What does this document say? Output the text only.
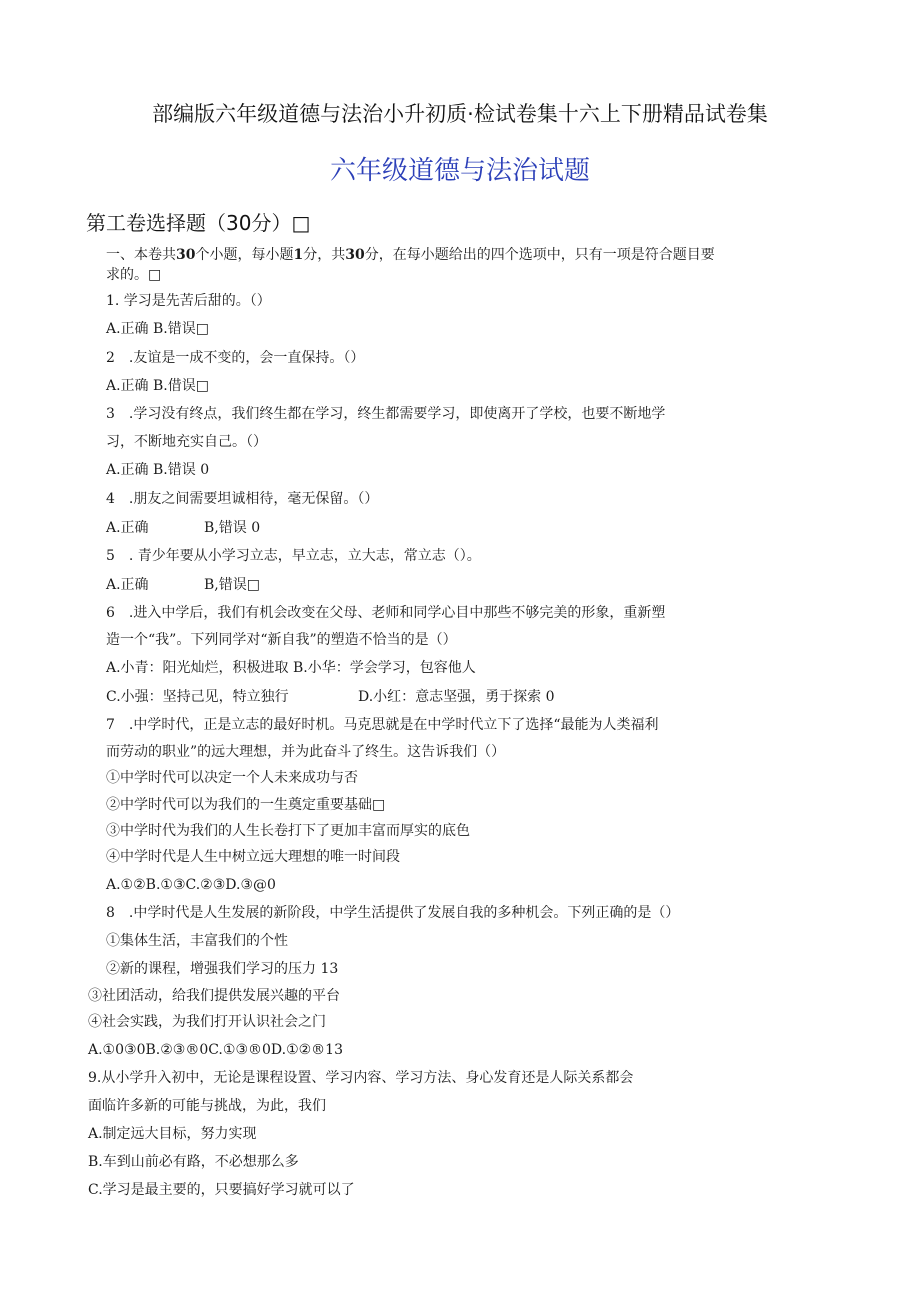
部编版六年级道德与法治小升初质·检试卷集十六上下册精品试卷集
六年级道德与法治试题
第工卷选择题（30分）□
一、本卷共30个小题，每小题1分，共30分，在每小题给出的四个选项中，只有一项是符合题目要
求的。□
1. 学习是先苦后甜的。（）
A.正确 B.错误□
2　.友谊是一成不变的，会一直保持。（）
A.正确 B.借误□
3　.学习没有终点，我们终生都在学习，终生都需要学习，即使离开了学校，也要不断地学
习，不断地充实自己。（）
A.正确 B.错误 0
4　.朋友之间需要坦诚相待，毫无保留。（）
A.正确	B,错误 0
5　. 青少年要从小学习立志，早立志，立大志，常立志（）。
A.正确	B,错误□
6　.进入中学后，我们有机会改变在父母、老师和同学心目中那些不够完美的形象，重新塑
造一个“我”。下列同学对“新自我”的塑造不恰当的是（）
A.小青：阳光灿烂，积极进取 B.小华：学会学习，包容他人
C.小强：坚持己见，特立独行	D.小红：意志坚强，勇于探索 0
7　.中学时代，正是立志的最好时机。马克思就是在中学时代立下了选择“最能为人类福利
而劳动的职业”的远大理想，并为此奋斗了终生。这告诉我们（）
①中学时代可以决定一个人未来成功与否
②中学时代可以为我们的一生奠定重要基础□
③中学时代为我们的人生长卷打下了更加丰富而厚实的底色
④中学时代是人生中树立远大理想的唯一时间段
A.①②B.①③C.②③D.③@0
8　.中学时代是人生发展的新阶段，中学生活提供了发展自我的多种机会。下列正确的是（）
①集体生活，丰富我们的个性
②新的课程，增强我们学习的压力 13
③社团活动，给我们提供发展兴趣的平台
④社会实践，为我们打开认识社会之门
A.①0③0B.②③®0C.①③®0D.①②®13
9.从小学升入初中，无论是课程设置、学习内容、学习方法、身心发育还是人际关系都会
面临许多新的可能与挑战，为此，我们
A.制定远大目标，努力实现
B.车到山前必有路，不必想那么多
C.学习是最主要的，只要搞好学习就可以了
